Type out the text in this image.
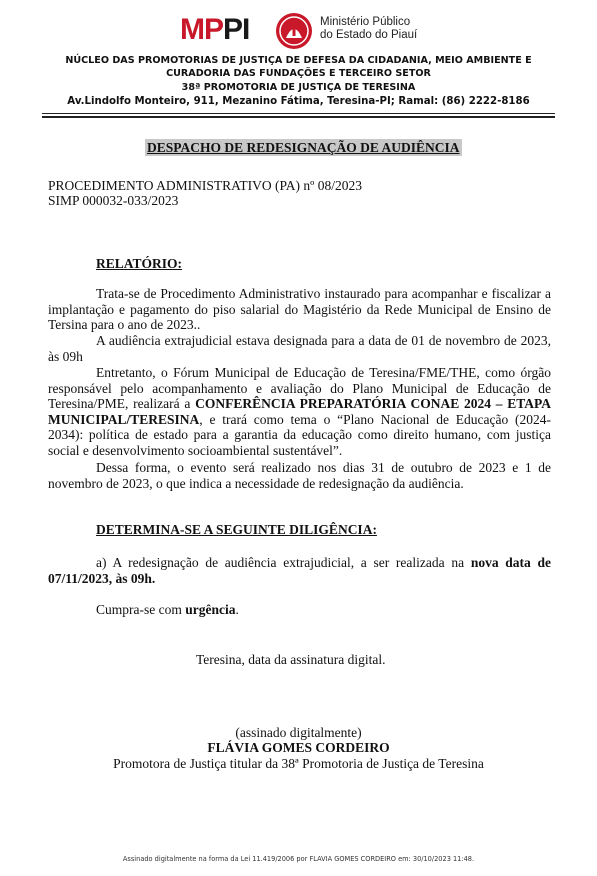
MPPI	Ministério Público
do Estado do Piauí
NÚCLEO DAS PROMOTORIAS DE JUSTIÇA DE DEFESA DA CIDADANIA, MEIO AMBIENTE E
CURADORIA DAS FUNDAÇÕES E TERCEIRO SETOR
38ª PROMOTORIA DE JUSTIÇA DE TERESINA
Av.Lindolfo Monteiro, 911, Mezanino Fátima, Teresina-PI; Ramal: (86) 2222-8186
DESPACHO DE REDESIGNAÇÃO DE AUDIÊNCIA
PROCEDIMENTO ADMINISTRATIVO (PA) nº 08/2023
SIMP 000032-033/2023
RELATÓRIO:
Trata-se de Procedimento Administrativo instaurado para acompanhar e fiscalizar a implantação e pagamento do piso salarial do Magistério da Rede Municipal de Ensino de Tersina para o ano de 2023..
A audiência extrajudicial estava designada para a data de 01 de novembro de 2023, às 09h
Entretanto, o Fórum Municipal de Educação de Teresina/FME/THE, como órgão responsável pelo acompanhamento e avaliação do Plano Municipal de Educação de Teresina/PME, realizará a CONFERÊNCIA PREPARATÓRIA CONAE 2024 – ETAPA MUNICIPAL/TERESINA, e trará como tema o “Plano Nacional de Educação (2024-2034): política de estado para a garantia da educação como direito humano, com justiça social e desenvolvimento socioambiental sustentável”.
Dessa forma, o evento será realizado nos dias 31 de outubro de 2023 e 1 de novembro de 2023, o que indica a necessidade de redesignação da audiência.
DETERMINA-SE A SEGUINTE DILIGÊNCIA:
a) A redesignação de audiência extrajudicial, a ser realizada na nova data de 07/11/2023, às 09h.
Cumpra-se com urgência.
Teresina, data da assinatura digital.
(assinado digitalmente)
FLÁVIA GOMES CORDEIRO
Promotora de Justiça titular da 38ª Promotoria de Justiça de Teresina
Assinado digitalmente na forma da Lei 11.419/2006 por FLAVIA GOMES CORDEIRO em: 30/10/2023 11:48.
